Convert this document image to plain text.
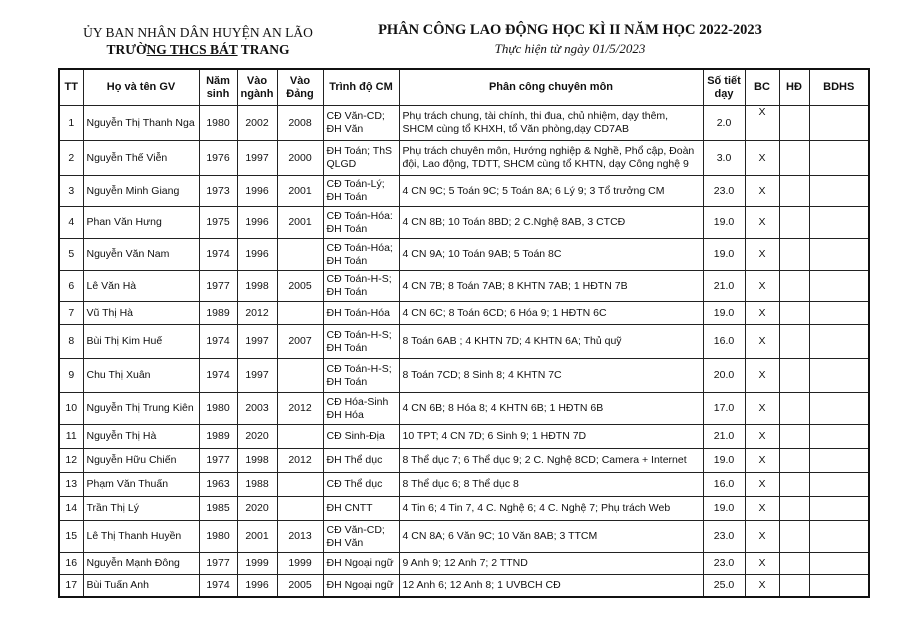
ỦY BAN NHÂN DÂN HUYỆN AN LÃO
TRƯỜNG THCS BÁT TRANG
PHÂN CÔNG LAO ĐỘNG HỌC KÌ II NĂM HỌC 2022-2023
Thực hiện từ ngày 01/5/2023
TT	Họ và tên GV	Năm sinh	Vào ngành	Vào Đảng	Trình độ CM	Phân công chuyên môn	Số tiết dạy	BC	HĐ	BDHS
1	Nguyễn Thị Thanh Nga	1980	2002	2008	CĐ Văn-CD; ĐH Văn	Phụ trách chung, tài chính, thi đua, chủ nhiệm, dạy thêm, SHCM cùng tổ KHXH, tổ Văn phòng,dạy CD7AB	2.0	X		
2	Nguyễn Thế Viễn	1976	1997	2000	ĐH Toán; ThS QLGD	Phụ trách chuyên môn, Hướng nghiệp & Nghề, Phổ cập, Đoàn đội, Lao động, TDTT, SHCM cùng tổ KHTN, dạy Công nghệ 9	3.0	X		
3	Nguyễn Minh Giang	1973	1996	2001	CĐ Toán-Lý; ĐH Toán	4 CN 9C; 5 Toán 9C; 5 Toán 8A; 6 Lý 9; 3 Tổ trưởng CM	23.0	X		
4	Phan Văn Hưng	1975	1996	2001	CĐ Toán-Hóa: ĐH Toán	4 CN 8B; 10 Toán 8BD; 2 C.Nghệ 8AB, 3 CTCĐ	19.0	X		
5	Nguyễn Văn Nam	1974	1996		CĐ Toán-Hóa; ĐH Toán	4 CN 9A; 10 Toán 9AB; 5 Toán 8C	19.0	X		
6	Lê Văn Hà	1977	1998	2005	CĐ Toán-H-S; ĐH Toán	4 CN 7B; 8 Toán 7AB; 8 KHTN 7AB; 1 HĐTN 7B	21.0	X		
7	Vũ Thị Hà	1989	2012		ĐH Toán-Hóa	4 CN 6C; 8 Toán 6CD; 6 Hóa 9; 1 HĐTN 6C	19.0	X		
8	Bùi Thị Kim Huế	1974	1997	2007	CĐ Toán-H-S; ĐH Toán	8 Toán 6AB ; 4 KHTN 7D; 4 KHTN 6A; Thủ quỹ	16.0	X		
9	Chu Thị Xuân	1974	1997		CĐ Toán-H-S; ĐH Toán	8 Toán 7CD; 8 Sinh 8; 4 KHTN 7C	20.0	X		
10	Nguyễn Thị Trung Kiên	1980	2003	2012	CĐ Hóa-Sinh ĐH Hóa	4 CN 6B; 8 Hóa 8; 4 KHTN 6B; 1 HĐTN 6B	17.0	X		
11	Nguyễn Thị Hà	1989	2020		CĐ Sinh-Địa	10 TPT; 4 CN 7D; 6 Sinh 9; 1 HĐTN 7D	21.0	X		
12	Nguyễn Hữu Chiến	1977	1998	2012	ĐH Thể dục	8 Thể dục 7; 6 Thể dục 9; 2 C. Nghệ 8CD; Camera + Internet	19.0	X		
13	Phạm Văn Thuấn	1963	1988		CĐ Thể dục	8 Thể dục 6; 8 Thể dục 8	16.0	X		
14	Trần Thị Lý	1985	2020		ĐH CNTT	4 Tin 6; 4 Tin 7, 4 C. Nghệ 6; 4 C. Nghệ 7; Phụ trách Web	19.0	X		
15	Lê Thị Thanh Huyền	1980	2001	2013	CĐ Văn-CD; ĐH Văn	4 CN 8A; 6 Văn 9C; 10 Văn 8AB; 3 TTCM	23.0	X		
16	Nguyễn Mạnh Đông	1977	1999	1999	ĐH Ngoại ngữ	9 Anh 9; 12 Anh 7; 2 TTND	23.0	X		
17	Bùi Tuấn Anh	1974	1996	2005	ĐH Ngoại ngữ	12 Anh 6; 12 Anh 8; 1 UVBCH CĐ	25.0	X		
